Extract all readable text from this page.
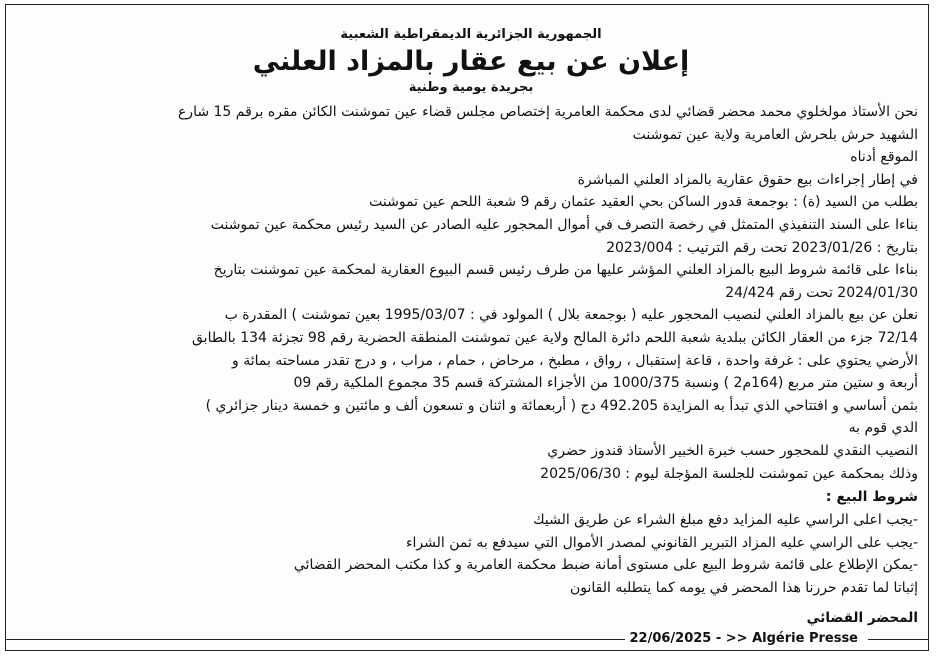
الجمهورية الجزائرية الديمقراطية الشعبية
إعلان عن بيع عقار بالمزاد العلني
بجريدة يومية وطنية
نحن الأستاذ مولخلوي محمد محضر قضائي لدى محكمة العامرية إختصاص مجلس قضاء عين تموشنت الكائن مقره برقم 15 شارع
الشهيد حرش بلحرش العامرية ولاية عين تموشنت
الموقع أدناه
في إطار إجراءات بيع حقوق عقارية بالمزاد العلني المباشرة
بطلب من السيد (ة) : بوجمعة قدور الساكن بحي العقيد عثمان رقم 9 شعبة اللحم عين تموشنت
بناءا على السند التنفيذي المتمثل في رخصة التصرف في أموال المحجور عليه الصادر عن السيد رئيس محكمة عين تموشنت
بتاريخ : 2023/01/26 تحت رقم الترتيب : 2023/004
بناءا على قائمة شروط البيع بالمزاد العلني المؤشر عليها من طرف رئيس قسم البيوع العقارية لمحكمة عين تموشنت بتاريخ
2024/01/30 تحت رقم 24/424
نعلن عن بيع بالمزاد العلني لنصيب المحجور عليه ( بوجمعة بلال ) المولود في : 1995/03/07 بعين تموشنت ) المقدرة ب
72/14 جزء من العقار الكائن ببلدية شعبة اللحم دائرة المالح ولاية عين تموشنت المنطقة الحضرية رقم 98 تجزئة 134 بالطابق
الأرضي يحتوي على : غرفة واحدة ، قاعة إستقبال ، رواق ، مطبخ ، مرحاض ، حمام ، مراب ، و درج تقدر مساحته بمائة و
أربعة و ستين متر مربع (164م2 ) ونسبة 1000/375 من الأجزاء المشتركة قسم 35 مجموع الملكية رقم 09
بثمن أساسي و افتتاحي الذي تبدأ به المزايدة 492.205 دج ( أربعمائة و اثنان و تسعون ألف و مائتين و خمسة دينار جزائري )
الدي قوم به
النصيب النقدي للمحجور حسب خبرة الخبير الأستاذ قندوز حضري
وذلك بمحكمة عين تموشنت للجلسة المؤجلة ليوم : 2025/06/30
شروط البيع :
-يجب اعلى الراسي عليه المزايد دفع مبلغ الشراء عن طريق الشيك
-يجب على الراسي عليه المزاد التبرير القانوني لمصدر الأموال التي سيدفع به ثمن الشراء
-يمكن الإطلاع على قائمة شروط البيع على مستوى أمانة ضبط محكمة العامرية و كذا مكتب المحضر القضائي
إثباتا لما تقدم حررنا هذا المحضر في يومه كما يتطلبه القانون
المحضر القضائي
22/06/2025 - >> Algérie Presse
